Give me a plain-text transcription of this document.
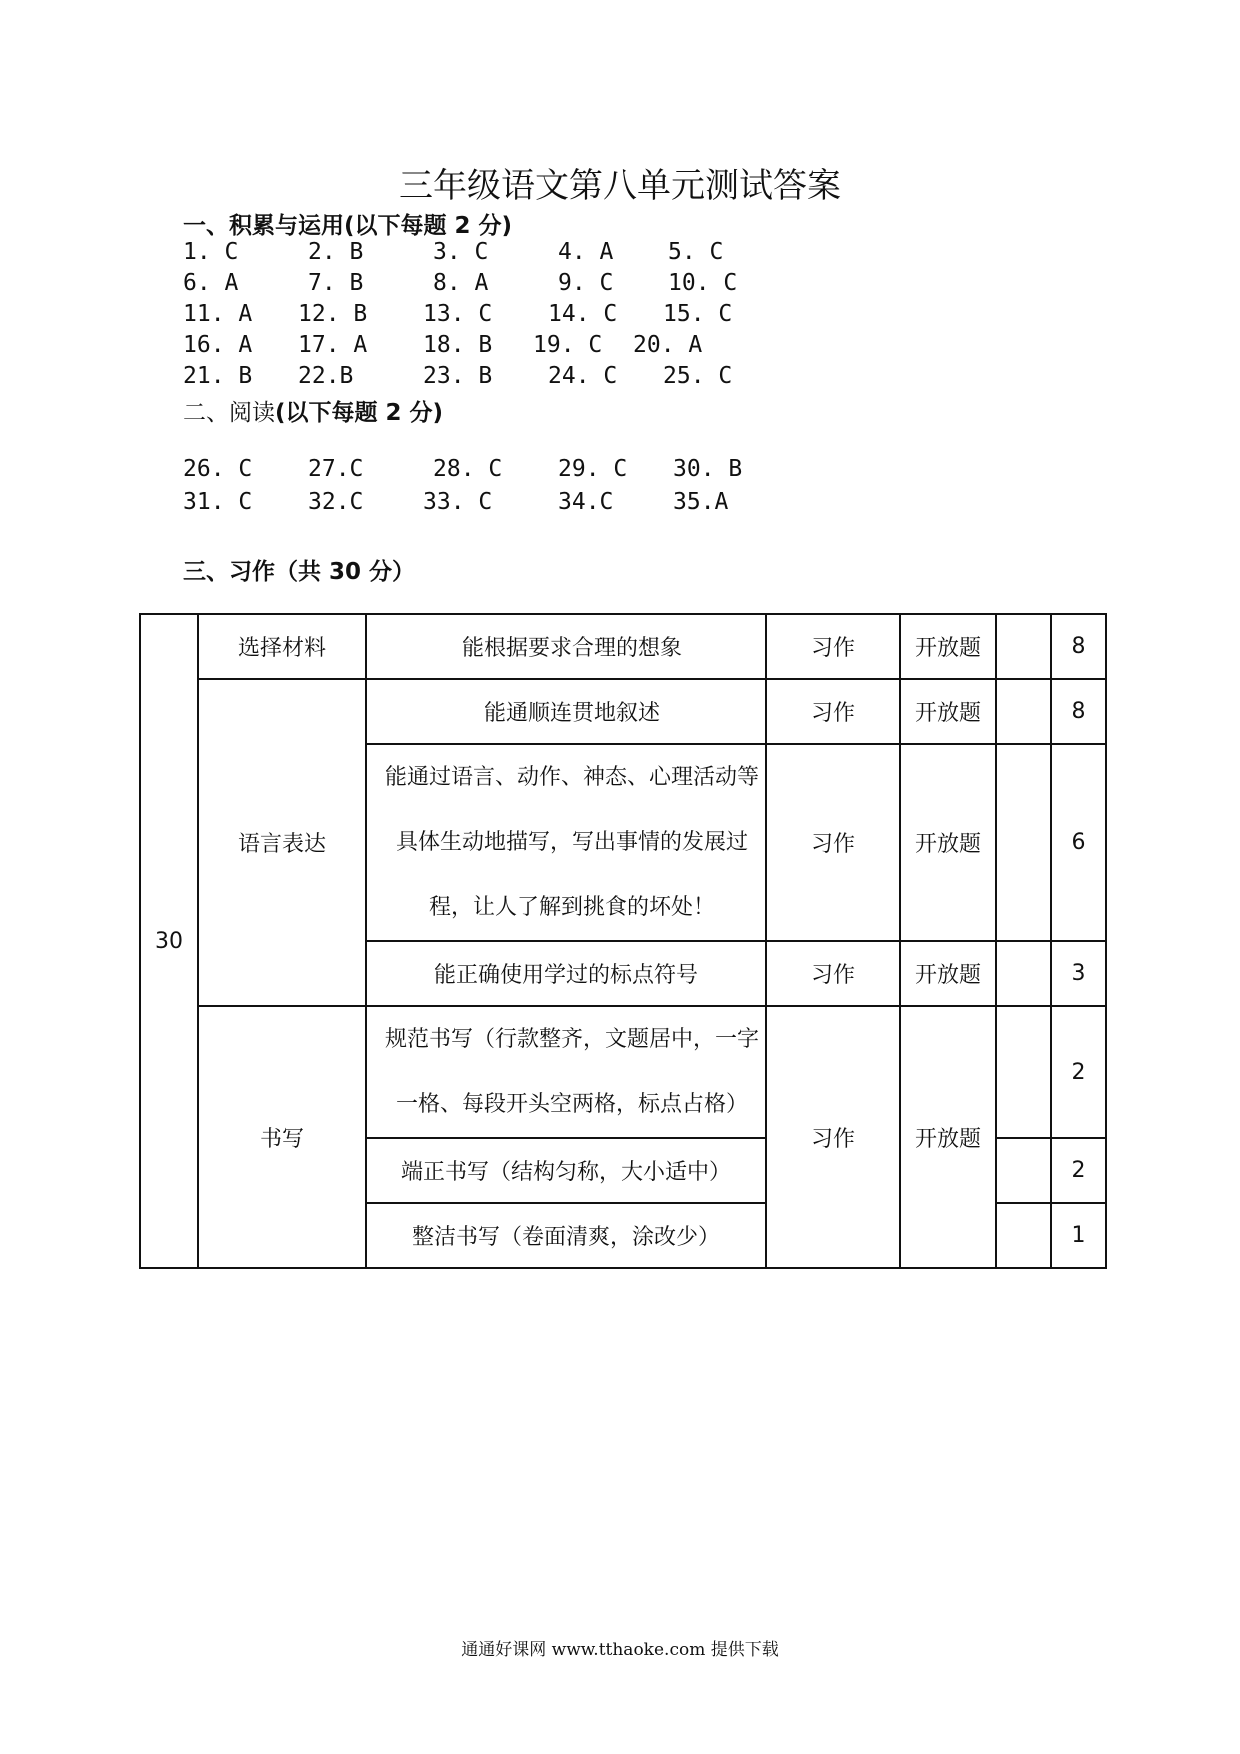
三年级语文第八单元测试答案
一、积累与运用(以下每题 2 分)
1. C	2. B	3. C	4. A 5. C
6. A	7. B	8. A	9. C 10. C
11. A 12. B 13. C 14. C 15. C
16. A 17. A 18. B 19. C 20. A
21. B 22.B	23. B 24. C 25. C
二、阅读(以下每题 2 分)
26. C 27.C	28. C 29. C 30. B
31. C 32.C	33. C	34.C	35.A
三、习作（共 30 分）
30	选择材料	能根据要求合理的想象	习作	开放题		8
	语言表达	能通顺连贯地叙述	习作	开放题		8
		能通过语言、动作、神态、心理活动等具体生动地描写，写出事情的发展过程，让人了解到挑食的坏处！	习作	开放题		6
		能正确使用学过的标点符号	习作	开放题		3
	书写	规范书写（行款整齐，文题居中，一字一格、每段开头空两格，标点占格）	习作	开放题		2
		端正书写（结构匀称，大小适中）				2
		整洁书写（卷面清爽，涂改少）				1
通通好课网 www.tthaoke.com 提供下载
